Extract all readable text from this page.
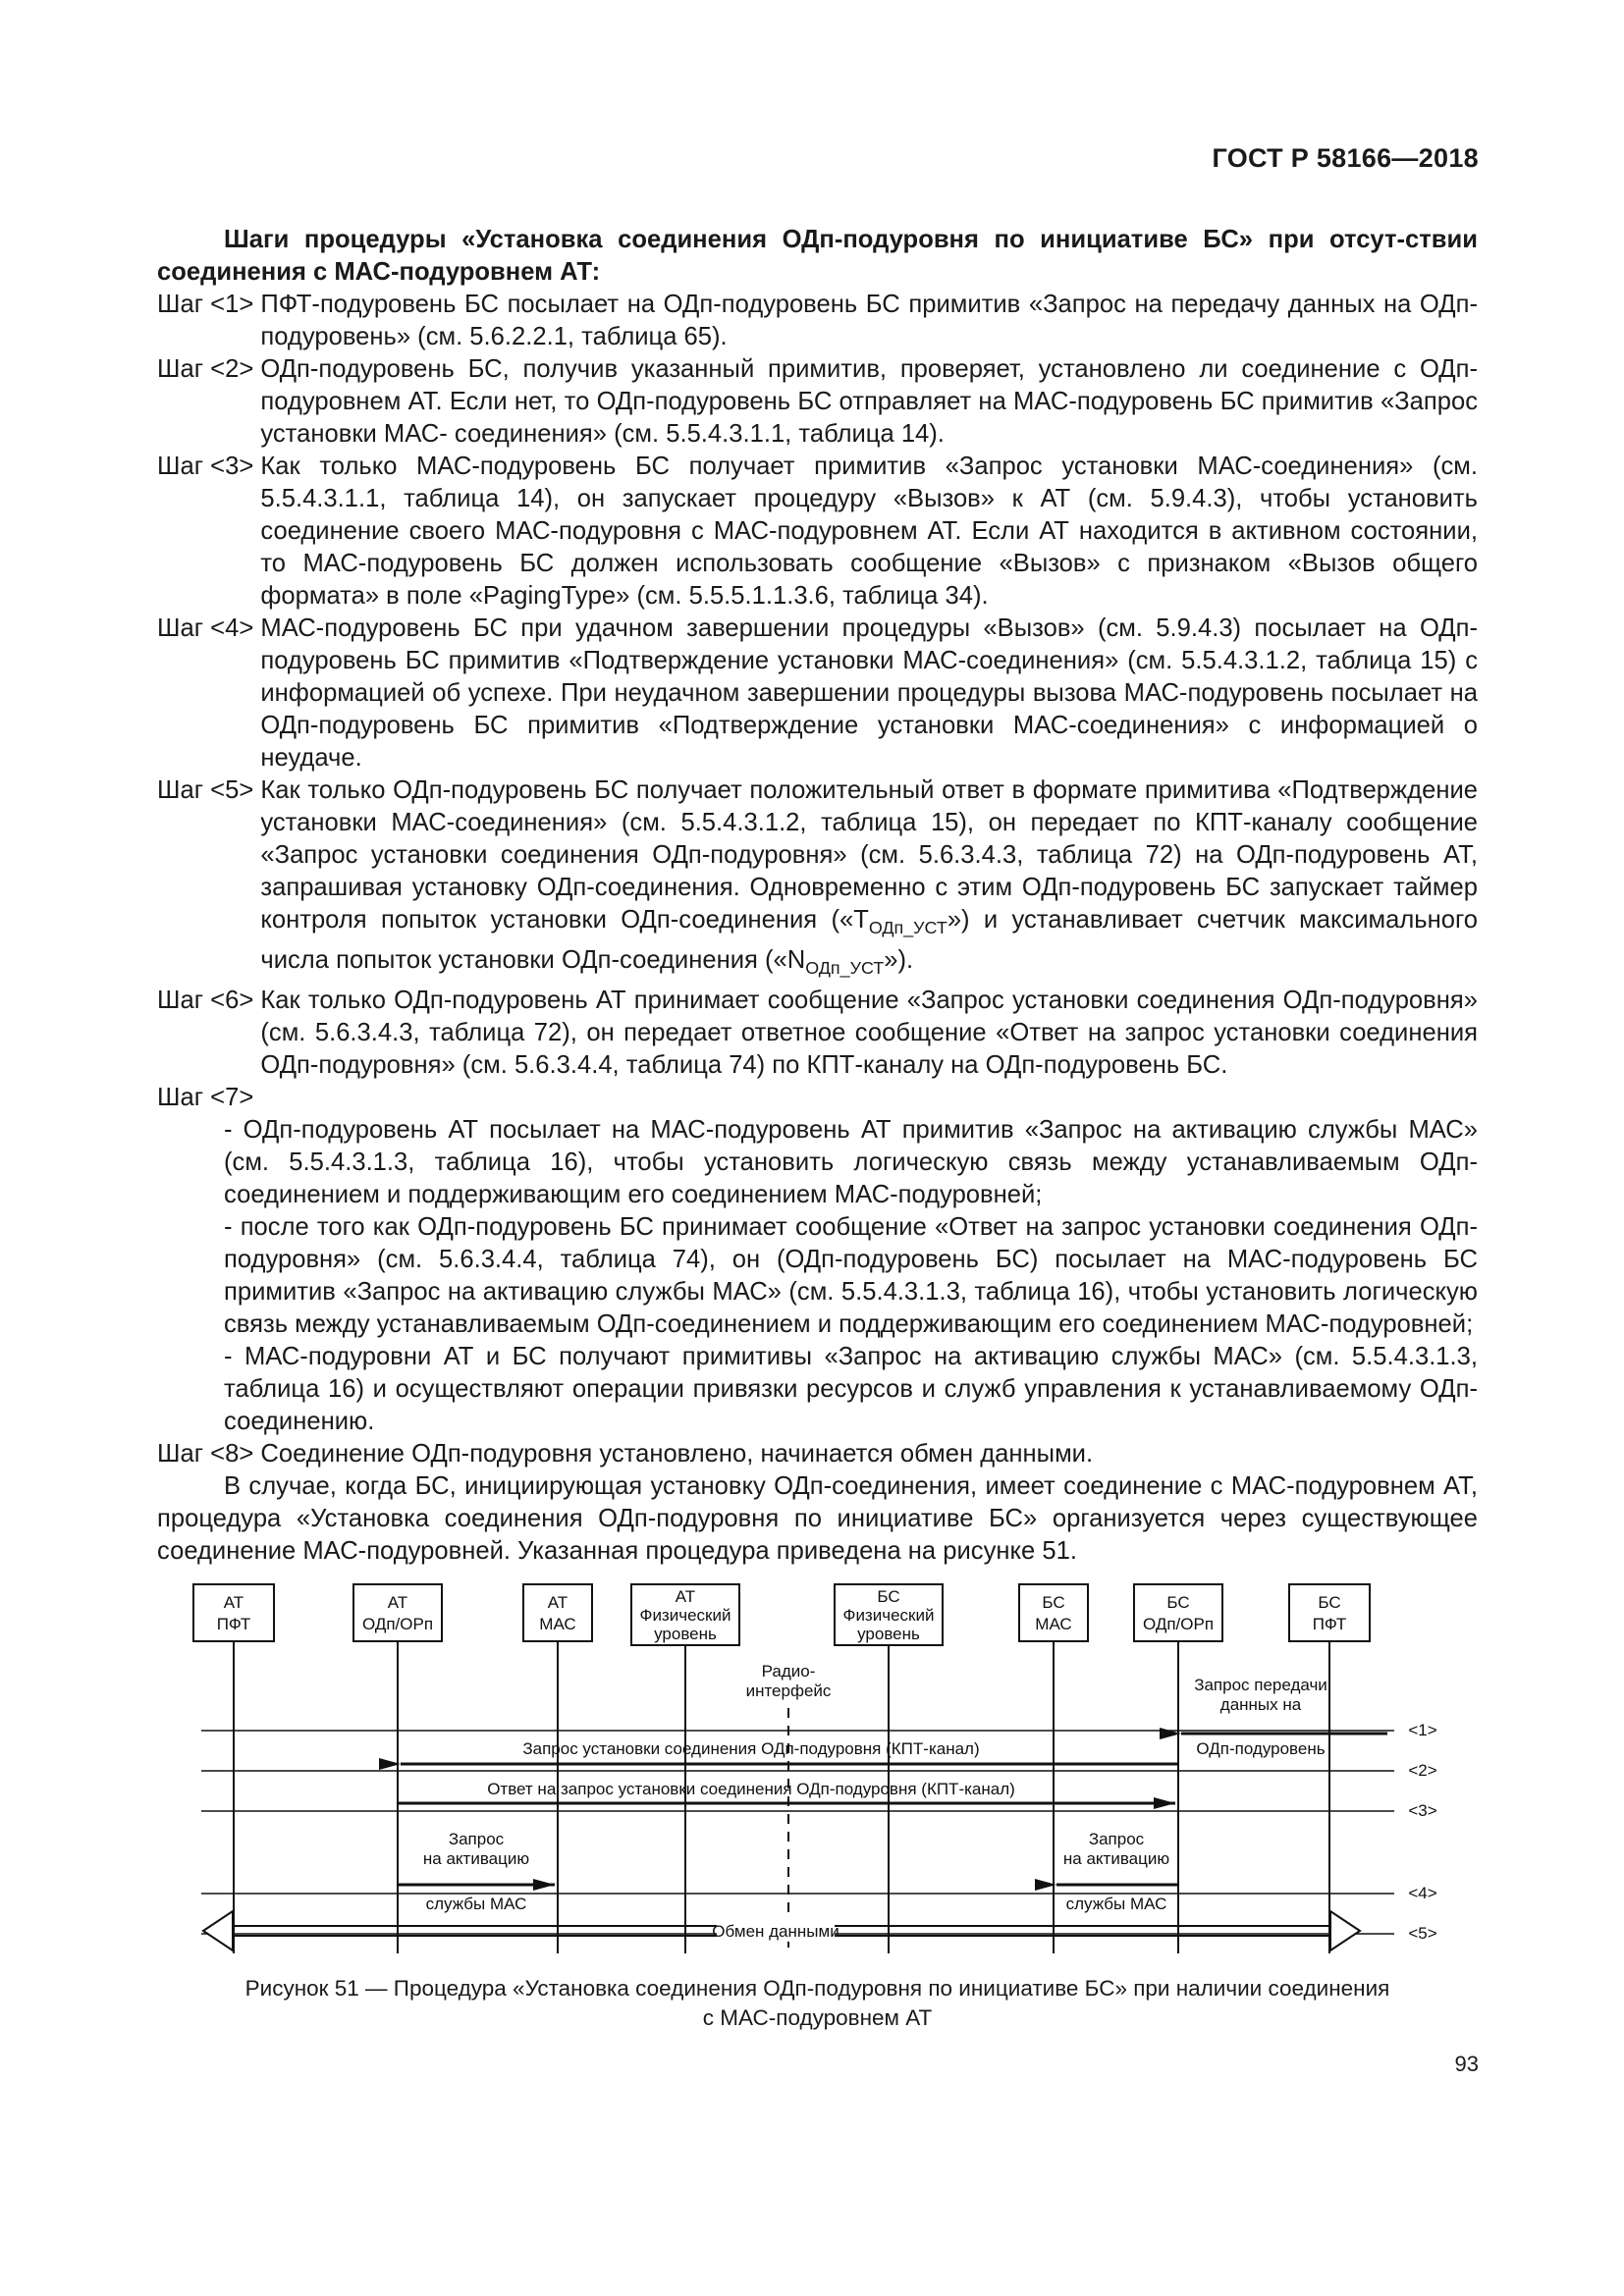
ГОСТ Р 58166—2018

Шаги процедуры «Установка соединения ОДп-подуровня по инициативе БС» при отсут-ствии соединения с МАС-подуровнем АТ:

Шаг <1> ПФТ-подуровень БС посылает на ОДп-подуровень БС примитив «Запрос на передачу данных на ОДп-подуровень» (см. 5.6.2.2.1, таблица 65).
Шаг <2> ОДп-подуровень БС, получив указанный примитив, проверяет, установлено ли соединение с ОДп-подуровнем АТ. Если нет, то ОДп-подуровень БС отправляет на МАС-подуровень БС примитив «Запрос установки МАС- соединения» (см. 5.5.4.3.1.1, таблица 14).
Шаг <3> Как только МАС-подуровень БС получает примитив «Запрос установки МАС-соединения» (см. 5.5.4.3.1.1, таблица 14), он запускает процедуру «Вызов» к АТ (см. 5.9.4.3), чтобы установить соединение своего МАС-подуровня с МАС-подуровнем АТ. Если АТ находится в активном состоянии, то МАС-подуровень БС должен использовать сообщение «Вызов» с признаком «Вызов общего формата» в поле «PagingType» (см. 5.5.5.1.1.3.6, таблица 34).
Шаг <4> МАС-подуровень БС при удачном завершении процедуры «Вызов» (см. 5.9.4.3) посылает на ОДп-подуровень БС примитив «Подтверждение установки МАС-соединения» (см. 5.5.4.3.1.2, таблица 15) с информацией об успехе. При неудачном завершении процедуры вызова МАС-подуровень посылает на ОДп-подуровень БС примитив «Подтверждение установки МАС-соединения» с информацией о неудаче.
Шаг <5> Как только ОДп-подуровень БС получает положительный ответ в формате примитива «Подтверждение установки МАС-соединения» (см. 5.5.4.3.1.2, таблица 15), он передает по КПТ-каналу сообщение «Запрос установки соединения ОДп-подуровня» (см. 5.6.3.4.3, таблица 72) на ОДп-подуровень АТ, запрашивая установку ОДп-соединения. Одновременно с этим ОДп-подуровень БС запускает таймер контроля попыток установки ОДп-соединения $(«T_{ОДп\_УСТ}»)$ и устанавливает счетчик максимального числа попыток установки ОДп-соединения $(«N_{ОДп\_УСТ}»)$.
Шаг <6> Как только ОДп-подуровень АТ принимает сообщение «Запрос установки соединения ОДп-подуровня» (см. 5.6.3.4.3, таблица 72), он передает ответное сообщение «Ответ на запрос установки соединения ОДп-подуровня» (см. 5.6.3.4.4, таблица 74) по КПТ-каналу на ОДп-подуровень БС.
Шаг <7>

- ОДп-подуровень АТ посылает на МАС-подуровень АТ примитив «Запрос на активацию службы МАС» (см. 5.5.4.3.1.3, таблица 16), чтобы установить логическую связь между устанавливаемым ОДп-соединением и поддерживающим его соединением МАС-подуровней;

- после того как ОДп-подуровень БС принимает сообщение «Ответ на запрос установки соединения ОДп-подуровня» (см. 5.6.3.4.4, таблица 74), он (ОДп-подуровень БС) посылает на МАС-подуровень БС примитив «Запрос на активацию службы МАС» (см. 5.5.4.3.1.3, таблица 16), чтобы установить логическую связь между устанавливаемым ОДп-соединением и поддерживающим его соединением МАС-подуровней;

- МАС-подуровни АТ и БС получают примитивы «Запрос на активацию службы МАС» (см. 5.5.4.3.1.3, таблица 16) и осуществляют операции привязки ресурсов и служб управления к устанавливаемому ОДп-соединению.

Шаг <8> Соединение ОДп-подуровня установлено, начинается обмен данными.

В случае, когда БС, инициирующая установку ОДп-соединения, имеет соединение с МАС-подуровнем АТ, процедура «Установка соединения ОДп-подуровня по инициативе БС» организуется через существующее соединение МАС-подуровней. Указанная процедура приведена на рисунке 51.

АТ
ПФТ
АТ
ОДп/ОРп
АТ
МАС
АТ
Физический
уровень
БС
Физический
уровень
БС
МАС
БС
ОДп/ОРп
БС
ПФТ
Радио-
интерфейс	Запрос передачи
данных на
ОДп-подуровень
Запрос установки соединения ОДп-подуровня (КПТ-канал)
Ответ на запрос установки соединения ОДп-подуровня (КПТ-канал)
Запрос
на активацию
службы МАС
Запрос
на активацию
службы МАС
Обмен данными
<1>
<2>
<3>
<4>
<5>
Рисунок 51 — Процедура «Установка соединения ОДп-подуровня по инициативе БС» при наличии соединения
с МАС-подуровнем АТ
93
